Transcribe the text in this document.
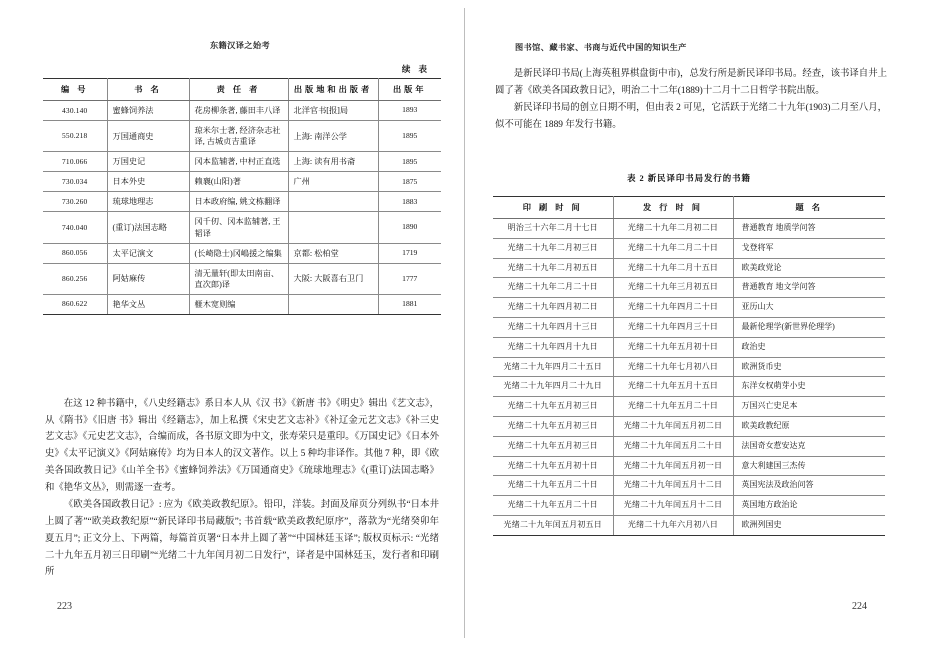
东籍汉译之始考
续 表
编 号	书 名	责 任 者	出版地和出版者	出版年
430.140	蜜蜂饲养法	花房柳条著, 藤田丰八译	北洋官书[报]局	1893
550.218	万国通商史	琼米尔士著, 经济杂志社译, 古城贞吉重译	上海: 南洋公学	1895
710.066	万国史记	冈本监辅著, 中村正直选	上海: 读有用书斋	1895
730.034	日本外史	赖襄(山阳)著	广州	1875
730.260	琉球地理志	日本政府编, 姚文栋翻译		1883
740.040	(重订)法国志略	冈千仞、冈本监辅著, 王韬译		1890
860.056	太平记演文	(长崎隐士)冈嶋援之编集	京都: 松柏堂	1719
860.256	阿姑麻传	清无量轩(即太田南亩、直次郎)译	大阪: 大阪喜右卫门	1777
860.622	艳华文丛	榧木宽则编		1881

在这 12 种书籍中，《八史经籍志》系日本人从《汉 书》《新唐 书》《明史》辑出《艺文志》，从《隋书》《旧唐 书》辑出《经籍志》，加上私撰《宋史艺文志补》《补辽金元艺文志》《补三史艺文志》《元史艺文志》，合编而成，各书原文即为中文，张寿荣只是重印。《万国史记》《日本外史》《太平记演义》《阿姑麻传》均为日本人的汉文著作。以上 5 种均非译作。其他 7 种，即《欧美各国政教日记》《山羊全书》《蜜蜂饲养法》《万国通商史》《琉球地理志》《(重订)法国志略》和《艳华文丛》，则需逐一查考。

《欧美各国政教日记》: 应为《欧美政教纪原》。铅印，洋装。封面及扉页分列纵书“日本井上圆了著”“欧美政教纪原”“新民译印书局藏版”; 书首载“欧美政教纪原序”，落款为“光绪癸卯年夏五月”; 正文分上、下两篇，每篇首页署“日本井上圆了著”“中国林廷玉译”; 版权页标示: “光绪二十九年五月初三日印刷”“光绪二十九年闰月初二日发行”，译者是中国林廷玉，发行者和印刷所

223
图书馆、藏书家、书商与近代中国的知识生产

是新民译印书局(上海英租界棋盘街中市)，总发行所是新民译印书局。经查，该书译自井上圆了著《欧美各国政教日记》，明治二十二年(1889)十二月十二日哲学书院出版。

新民译印书局的创立日期不明，但由表 2 可见，它活跃于光绪二十九年(1903)二月至八月，似不可能在 1889 年发行书籍。

表 2 新民译印书局发行的书籍
印 刷 时 间	发 行 时 间	题 名
明治三十六年二月十七日	光绪二十九年二月初二日	普通教育 地质学问答
光绪二十九年二月初三日	光绪二十九年二月二十日	戈登将军
光绪二十九年二月初五日	光绪二十九年二月十五日	欧美政党论
光绪二十九年二月二十日	光绪二十九年三月初五日	普通教育 地文学问答
光绪二十九年四月初二日	光绪二十九年四月二十日	亚历山大
光绪二十九年四月十三日	光绪二十九年四月三十日	最新伦理学(新世界伦理学)
光绪二十九年四月十九日	光绪二十九年五月初十日	政治史
光绪二十九年四月二十五日	光绪二十九年七月初八日	欧洲货币史
光绪二十九年四月二十九日	光绪二十九年五月十五日	东洋女权萌芽小史
光绪二十九年五月初三日	光绪二十九年五月二十日	万国兴亡史足本
光绪二十九年五月初三日	光绪二十九年闰五月初二日	欧美政教纪原
光绪二十九年五月初三日	光绪二十九年闰五月二十日	法国奇女惹安达克
光绪二十九年五月初十日	光绪二十九年闰五月初一日	意大利建国三杰传
光绪二十九年五月二十日	光绪二十九年闰五月十二日	英国宪法及政治问答
光绪二十九年五月二十日	光绪二十九年闰五月十二日	英国地方政治论
光绪二十九年闰五月初五日	光绪二十九年六月初八日	欧洲列国史
224
